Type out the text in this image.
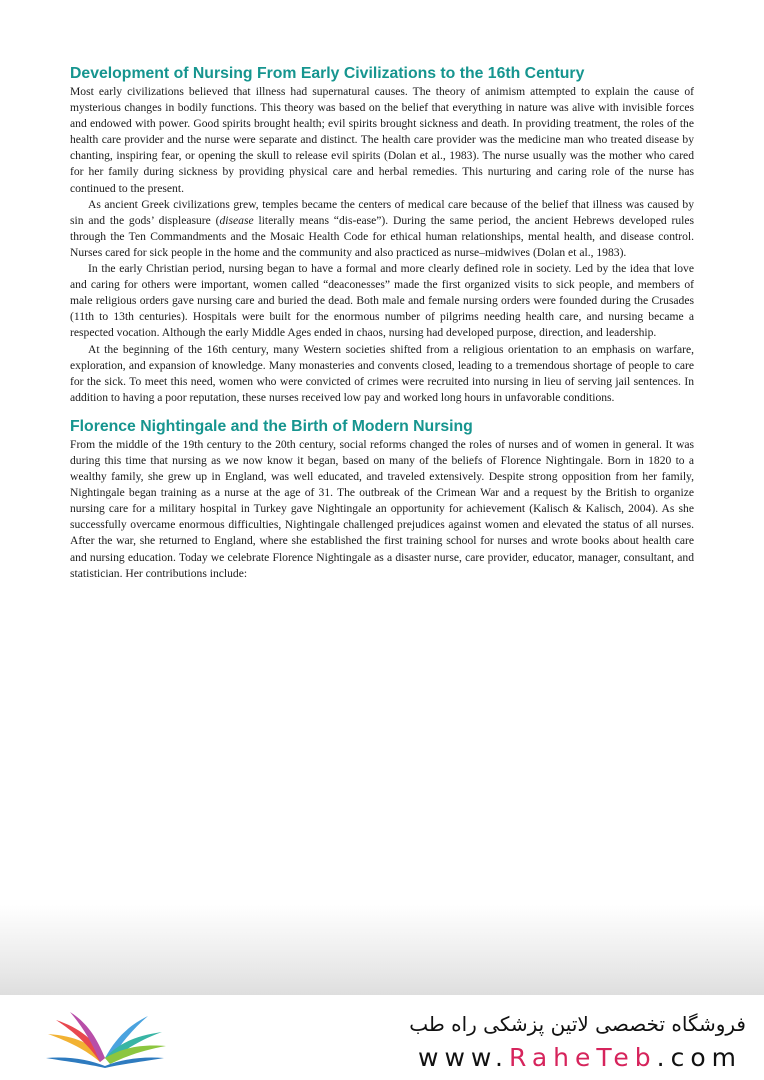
Development of Nursing From Early Civilizations to the 16th Century

Most early civilizations believed that illness had supernatural causes. The theory of animism attempted to explain the cause of mysterious changes in bodily functions. This theory was based on the belief that everything in nature was alive with invisible forces and endowed with power. Good spirits brought health; evil spirits brought sickness and death. In providing treatment, the roles of the health care provider and the nurse were separate and distinct. The health care provider was the medicine man who treated disease by chanting, inspiring fear, or opening the skull to release evil spirits (Dolan et al., 1983). The nurse usually was the mother who cared for her family during sickness by providing physical care and herbal remedies. This nurturing and caring role of the nurse has continued to the present.

As ancient Greek civilizations grew, temples became the centers of medical care because of the belief that illness was caused by sin and the gods’ displeasure (disease literally means “dis-ease”). During the same period, the ancient Hebrews developed rules through the Ten Commandments and the Mosaic Health Code for ethical human relationships, mental health, and disease control. Nurses cared for sick people in the home and the community and also practiced as nurse–midwives (Dolan et al., 1983).

In the early Christian period, nursing began to have a formal and more clearly defined role in society. Led by the idea that love and caring for others were important, women called “deaconesses” made the first organized visits to sick people, and members of male religious orders gave nursing care and buried the dead. Both male and female nursing orders were founded during the Crusades (11th to 13th centuries). Hospitals were built for the enormous number of pilgrims needing health care, and nursing became a respected vocation. Although the early Middle Ages ended in chaos, nursing had developed purpose, direction, and leadership.

At the beginning of the 16th century, many Western societies shifted from a religious orientation to an emphasis on warfare, exploration, and expansion of knowledge. Many monasteries and convents closed, leading to a tremendous shortage of people to care for the sick. To meet this need, women who were convicted of crimes were recruited into nursing in lieu of serving jail sentences. In addition to having a poor reputation, these nurses received low pay and worked long hours in unfavorable conditions.

Florence Nightingale and the Birth of Modern Nursing

From the middle of the 19th century to the 20th century, social reforms changed the roles of nurses and of women in general. It was during this time that nursing as we now know it began, based on many of the beliefs of Florence Nightingale. Born in 1820 to a wealthy family, she grew up in England, was well educated, and traveled extensively. Despite strong opposition from her family, Nightingale began training as a nurse at the age of 31. The outbreak of the Crimean War and a request by the British to organize nursing care for a military hospital in Turkey gave Nightingale an opportunity for achievement (Kalisch & Kalisch, 2004). As she successfully overcame enormous difficulties, Nightingale challenged prejudices against women and elevated the status of all nurses. After the war, she returned to England, where she established the first training school for nurses and wrote books about health care and nursing education. Today we celebrate Florence Nightingale as a disaster nurse, care provider, educator, manager, consultant, and statistician. Her contributions include:

فروشگاه تخصصی لاتین پزشکی راه طب
www.RaheTeb.com
